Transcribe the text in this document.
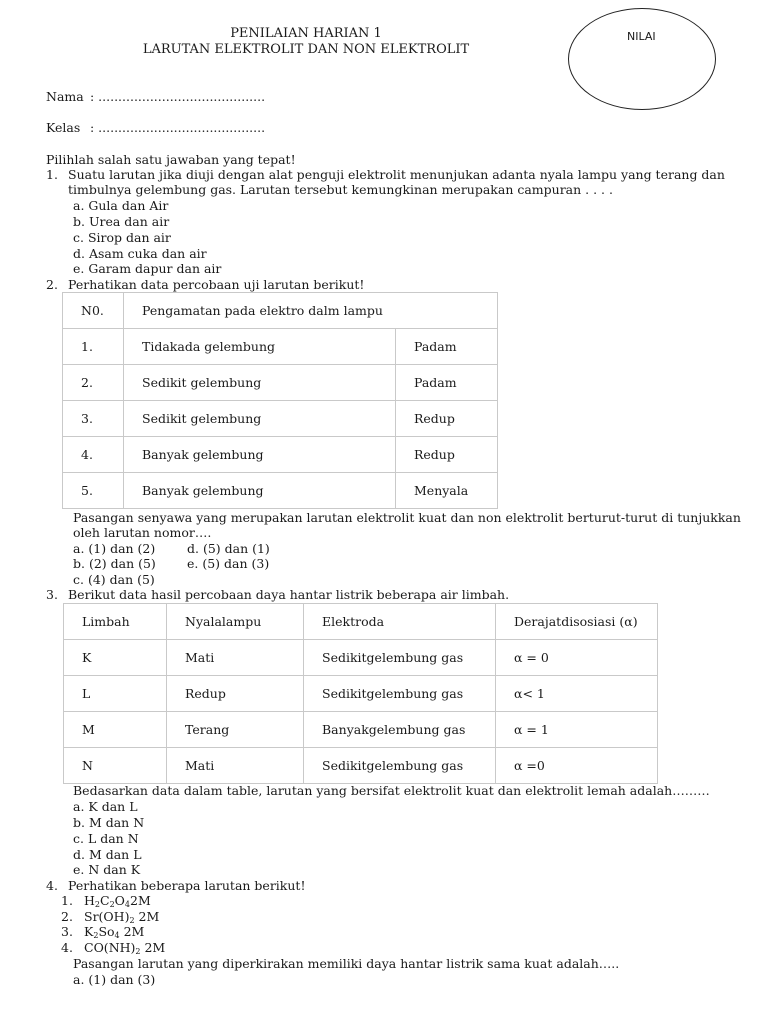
PENILAIAN HARIAN 1
LARUTAN ELEKTROLIT DAN NON ELEKTROLIT
NILAI
Nama : ..........................................
Kelas : ..........................................
Pilihlah salah satu jawaban yang tepat!
1. Suatu larutan jika diuji dengan alat penguji elektrolit menunjukan adanta nyala lampu yang terang dan
timbulnya gelembung gas. Larutan tersebut kemungkinan merupakan campuran . . . .
a. Gula dan Air
b. Urea dan air
c. Sirop dan air
d. Asam cuka dan air
e. Garam dapur dan air
2. Perhatikan data percobaan uji larutan berikut!
N0.	Pengamatan pada elektro dalm lampu	
1.	Tidakada gelembung	Padam
2.	Sedikit gelembung	Padam
3.	Sedikit gelembung	Redup
4.	Banyak gelembung	Redup
5.	Banyak gelembung	Menyala
Pasangan senyawa yang merupakan larutan elektrolit kuat dan non elektrolit berturut-turut di tunjukkan
oleh larutan nomor….
a. (1) dan (2)	d. (5) dan (1)
b. (2) dan (5) e. (5) dan (3)
c. (4) dan (5)
3. Berikut data hasil percobaan daya hantar listrik beberapa air limbah.
Limbah	Nyalalampu	Elektroda	Derajatdisosiasi (α)
K	Mati	Sedikitgelembung gas	α = 0
L	Redup	Sedikitgelembung gas	α< 1
M	Terang	Banyakgelembung gas	α = 1
N	Mati	Sedikitgelembung gas	α =0
Bedasarkan data dalam table, larutan yang bersifat elektrolit kuat dan elektrolit lemah adalah………
a. K dan L
b. M dan N
c. L dan N
d. M dan L
e. N dan K
4. Perhatikan beberapa larutan berikut!
1. $H_2C_2O_42M$
2. $Sr(OH)_2$ 2M
3. $K_2So_4$ 2M
4. $CO(NH)_2$ 2M
Pasangan larutan yang diperkirakan memiliki daya hantar listrik sama kuat adalah…..
a. (1) dan (3)
